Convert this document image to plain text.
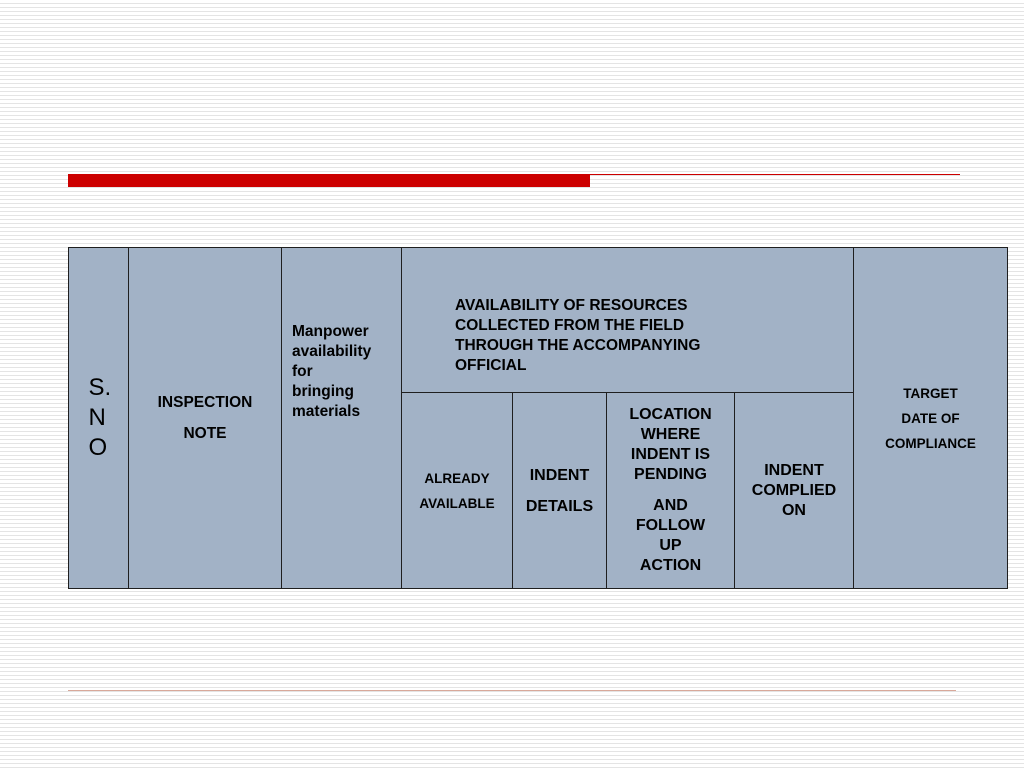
S.NO
INSPECTION
NOTE
Manpower
availability
for
bringing
materials
AVAILABILITY OF RESOURCES
COLLECTED FROM THE FIELD
THROUGH THE ACCOMPANYING
OFFICIAL
ALREADY
AVAILABLE
INDENT
DETAILS
LOCATION
WHERE
INDENT IS
PENDING
AND
FOLLOW
UP
ACTION
INDENT
COMPLIED
ON
TARGET
DATE OF
COMPLIANCE
